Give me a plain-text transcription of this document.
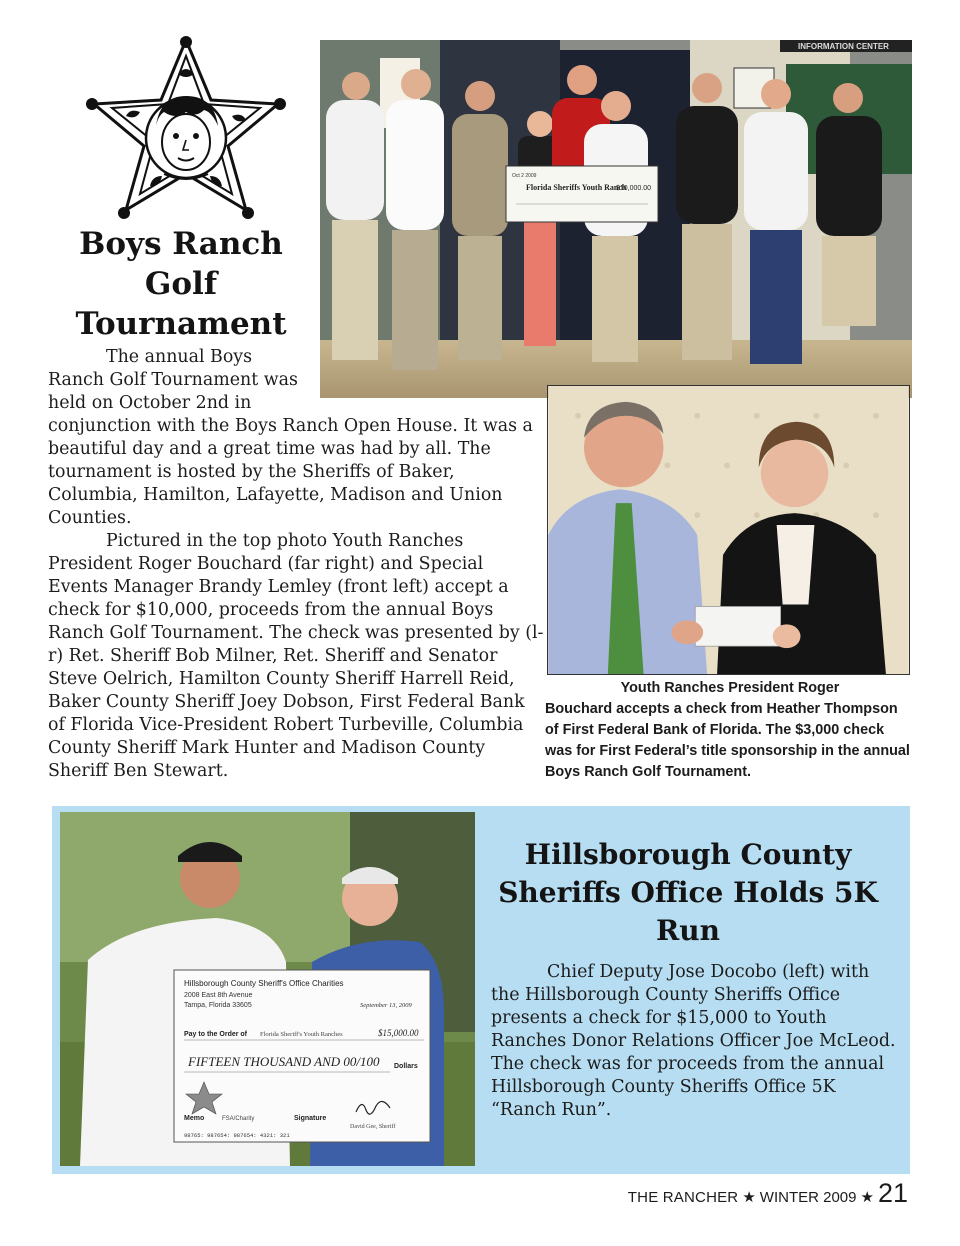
Boys Ranch Golf Tournament

The annual Boys Ranch Golf Tournament was held on October 2nd in conjunction with the Boys Ranch Open House. It was a beautiful day and a great time was had by all. The tournament is hosted by the Sheriffs of Baker, Columbia, Hamilton, Lafayette, Madison and Union Counties.

Pictured in the top photo Youth Ranches President Roger Bouchard (far right) and Special Events Manager Brandy Lemley (front left) accept a check for $10,000, proceeds from the annual Boys Ranch Golf Tournament. The check was presented by (l-r) Ret. Sheriff Bob Milner, Ret. Sheriff and Senator Steve Oelrich, Hamilton County Sheriff Harrell Reid, Baker County Sheriff Joey Dobson, First Federal Bank of Florida Vice-President Robert Turbeville, Columbia County Sheriff Mark Hunter and Madison County Sheriff Ben Stewart.

INFORMATION CENTER
Oct 2 2009
Florida Sheriffs Youth Ranch
$10,000.00
Youth Ranches President Roger
Bouchard accepts a check from Heather Thompson of First Federal Bank of Florida. The $3,000 check was for First Federal’s title sponsorship in the annual Boys Ranch Golf Tournament.
Hillsborough County Sheriff's Office Charities
2008 East 8th Avenue
Tampa, Florida 33605	September 13, 2009
Pay to the Order of Florida Sheriff's Youth Ranches	$15,000.00
FIFTEEN THOUSAND AND 00/100 Dollars
Memo	FSA/Charity	Signature
David Gee, Sheriff
98765: 987654: 987654: 4321: 321
Hillsborough County Sheriffs Office Holds 5K Run

Chief Deputy Jose Docobo (left) with the Hillsborough County Sheriffs Office presents a check for $15,000 to Youth Ranches Donor Relations Officer Joe McLeod. The check was for proceeds from the annual Hillsborough County Sheriffs Office 5K “Ranch Run”.

THE RANCHER ★ WINTER 2009 ★ 21
